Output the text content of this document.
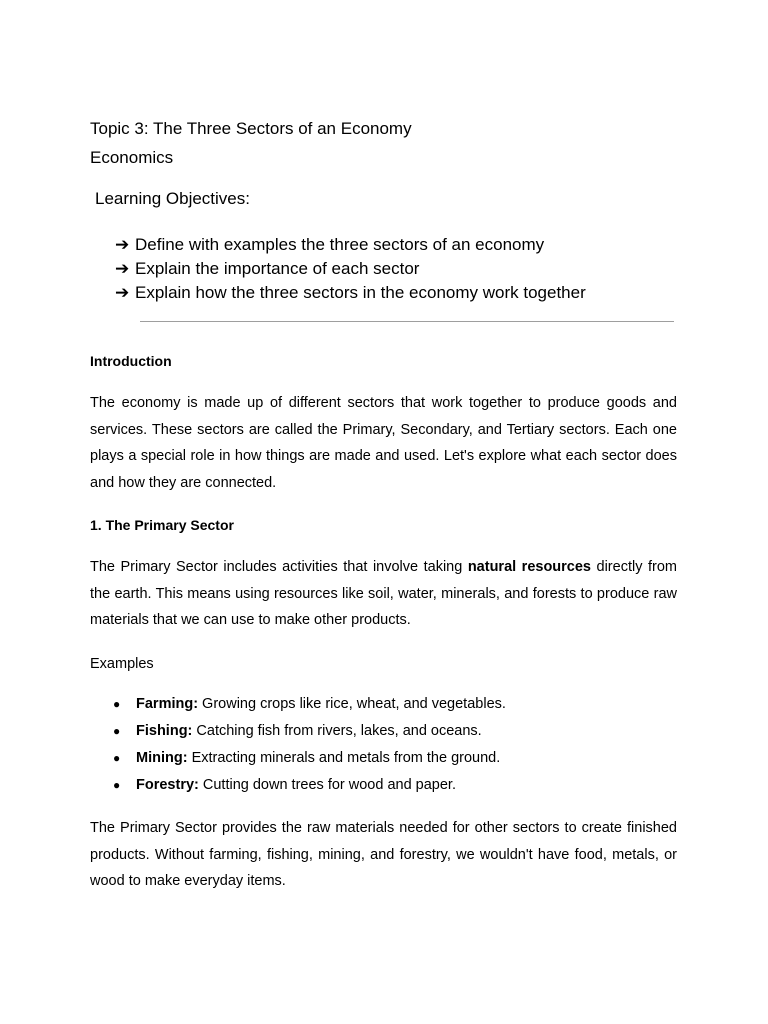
Topic 3: The Three Sectors of an Economy
Economics
Learning Objectives:
➔ Define with examples the three sectors of an economy
➔ Explain the importance of each sector
➔ Explain how the three sectors in the economy work together
Introduction

The economy is made up of different sectors that work together to produce goods and services. These sectors are called the Primary, Secondary, and Tertiary sectors. Each one plays a special role in how things are made and used. Let's explore what each sector does and how they are connected.

1. The Primary Sector

The Primary Sector includes activities that involve taking natural resources directly from the earth. This means using resources like soil, water, minerals, and forests to produce raw materials that we can use to make other products.

Examples
● Farming: Growing crops like rice, wheat, and vegetables.
● Fishing: Catching fish from rivers, lakes, and oceans.
● Mining: Extracting minerals and metals from the ground.
● Forestry: Cutting down trees for wood and paper.

The Primary Sector provides the raw materials needed for other sectors to create finished products. Without farming, fishing, mining, and forestry, we wouldn't have food, metals, or wood to make everyday items.
